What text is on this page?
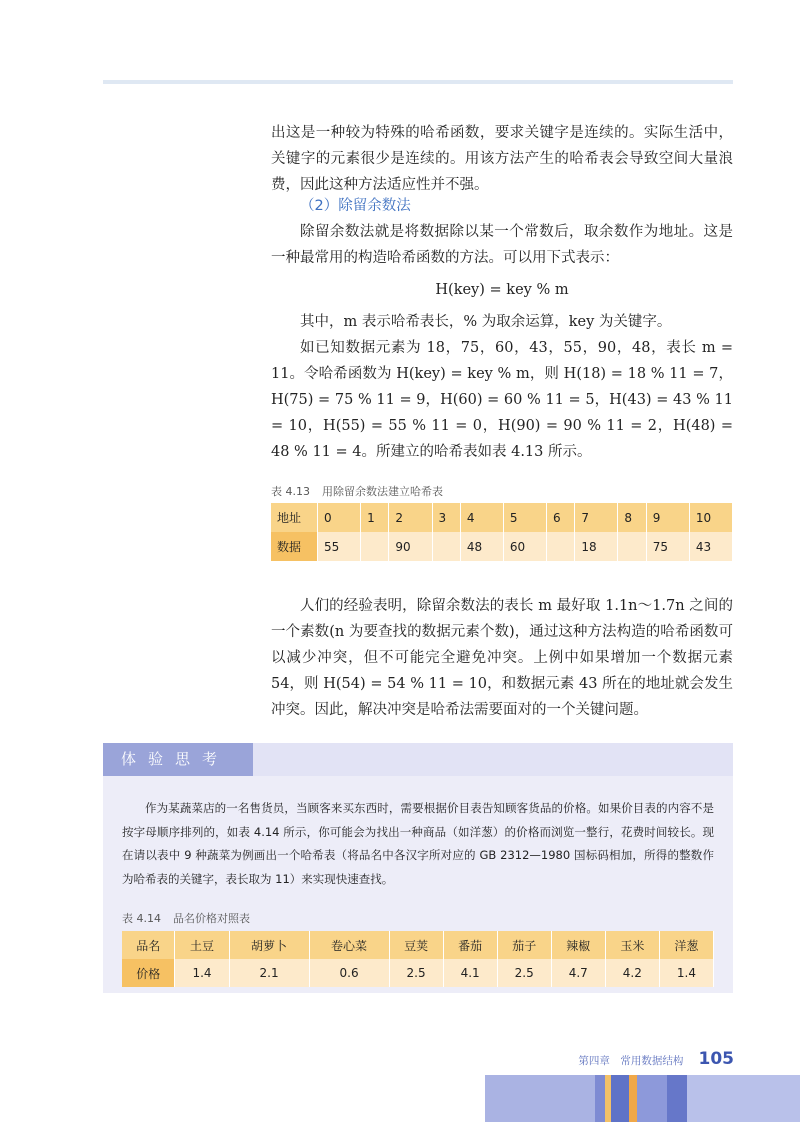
出这是一种较为特殊的哈希函数，要求关键字是连续的。实际生活中，关键字的元素很少是连续的。用该方法产生的哈希表会导致空间大量浪费，因此这种方法适应性并不强。

（2）除留余数法

除留余数法就是将数据除以某一个常数后，取余数作为地址。这是一种最常用的构造哈希函数的方法。可以用下式表示：

H(key) = key % m

其中，m 表示哈希表长，% 为取余运算，key 为关键字。

如已知数据元素为 18，75，60，43，55，90，48，表长 m = 11。令哈希函数为 H(key) = key % m，则 H(18) = 18 % 11 = 7，H(75) = 75 % 11 = 9，H(60) = 60 % 11 = 5，H(43) = 43 % 11 = 10，H(55) = 55 % 11 = 0，H(90) = 90 % 11 = 2，H(48) = 48 % 11 = 4。所建立的哈希表如表 4.13 所示。

表 4.13 用除留余数法建立哈希表
地址	0	1	2	3	4	5	6	7	8	9	10
数据	55		90		48	60		18		75	43

人们的经验表明，除留余数法的表长 m 最好取 1.1n～1.7n 之间的一个素数(n 为要查找的数据元素个数)，通过这种方法构造的哈希函数可以减少冲突，但不可能完全避免冲突。上例中如果增加一个数据元素 54，则 H(54) = 54 % 11 = 10，和数据元素 43 所在的地址就会发生冲突。因此，解决冲突是哈希法需要面对的一个关键问题。

体验思考

作为某蔬菜店的一名售货员，当顾客来买东西时，需要根据价目表告知顾客货品的价格。如果价目表的内容不是按字母顺序排列的，如表 4.14 所示，你可能会为找出一种商品（如洋葱）的价格而浏览一整行，花费时间较长。现在请以表中 9 种蔬菜为例画出一个哈希表（将品名中各汉字所对应的 GB 2312—1980 国标码相加，所得的整数作为哈希表的关键字，表长取为 11）来实现快速查找。

表 4.14 品名价格对照表
品名	土豆	胡萝卜	卷心菜	豆荚	番茄	茄子	辣椒	玉米	洋葱
价格	1.4	2.1	0.6	2.5	4.1	2.5	4.7	4.2	1.4
第四章　常用数据结构 105
